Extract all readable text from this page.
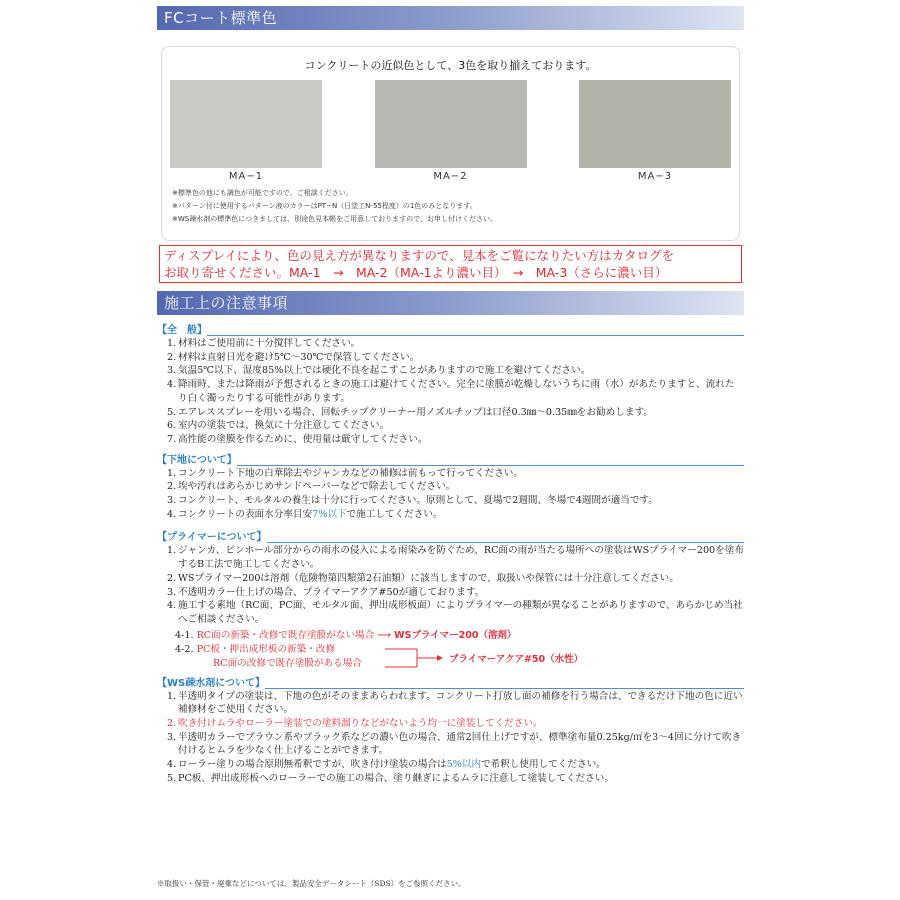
FCコート標準色
コンクリートの近似色として、3色を取り揃えております。
MA−1	MA−2	MA−3
※標準色の他にも調色が可能ですので、ご相談ください。
※パターン付に使用するパターン液のカラーはPT−N（日塗工N-55程度）の1色のみとなります。
※WS疎水剤の標準色につきましては、別途色見本帳をご用意しておりますので、お申し付けください。
ディスプレイにより、色の見え方が異なりますので、見本をご覧になりたい方はカタログを
お取り寄せください。MA-1　→　MA-2（MA-1より濃い目）　→　MA-3（さらに濃い目）
施工上の注意事項
【全　般】
1. 材料はご使用前に十分撹拌してください。
2. 材料は直射日光を避け5℃～30℃で保管してください。
3. 気温5℃以下、湿度85%以上では硬化不良を起こすことがありますので施工を避けてください。
4. 降雨時、または降雨が予想されるときの施工は避けてください。完全に塗膜が乾燥しないうちに雨（水）があたりますと、流れたり白く濁ったりする可能性があります。
5. エアレススプレーを用いる場合、回転チップクリーナー用ノズルチップは口径0.3㎜～0.35㎜をお勧めします。
6. 室内の塗装では、換気に十分注意してください。
7. 高性能の塗膜を作るために、使用量は厳守してください。
【下地について】
1. コンクリート下地の白華除去やジャンカなどの補修は前もって行ってください。
2. 埃や汚れはあらかじめサンドペーパーなどで除去してください。
3. コンクリート、モルタルの養生は十分に行ってください。原則として、夏場で2週間、冬場で4週間が適当です。
4. コンクリートの表面水分率目安7%以下で施工してください。
【プライマーについて】
1. ジャンカ、ピンホール部分からの雨水の侵入による雨染みを防ぐため、RC面の雨が当たる場所への塗装はWSプライマー200を塗布するB工法で施工してください。
2. WSプライマー200は溶剤（危険物第四類第2石油類）に該当しますので、取扱いや保管には十分注意してください。
3. 不透明カラー仕上げの場合、プライマーアクア#50が適しております。
4. 施工する素地（RC面、PC面、モルタル面、押出成形板面）によりプライマーの種類が異なることがありますので、あらかじめ当社へご相談ください。
4-1. RC面の新築・改修で既存塗膜がない場合 ⟶ WSプライマー200（溶剤）
4-2. PC板・押出成形板の新築・改修
RC面の改修で既存塗膜がある場合	プライマーアクア#50（水性）
【WS疎水剤について】
1. 半透明タイプの塗装は、下地の色がそのままあらわれます。コンクリート打放し面の補修を行う場合は、できるだけ下地の色に近い補修材をご使用ください。
2. 吹き付けムラやローラー塗装での塗料溜りなどがないよう均一に塗装してください。
3. 半透明カラーでブラウン系やブラック系などの濃い色の場合、通常2回仕上げですが、標準塗布量0.25kg/㎡を3～4回に分けて吹き付けるとムラを少なく仕上げることができます。
4. ローラー塗りの場合原則無希釈ですが、吹き付け塗装の場合は5%以内で希釈し使用してください。
5. PC板、押出成形板へのローラーでの施工の場合、塗り継ぎによるムラに注意して塗装してください。
※取扱い・保管・廃棄などについては、製品安全データシート（SDS）をご参照ください。
